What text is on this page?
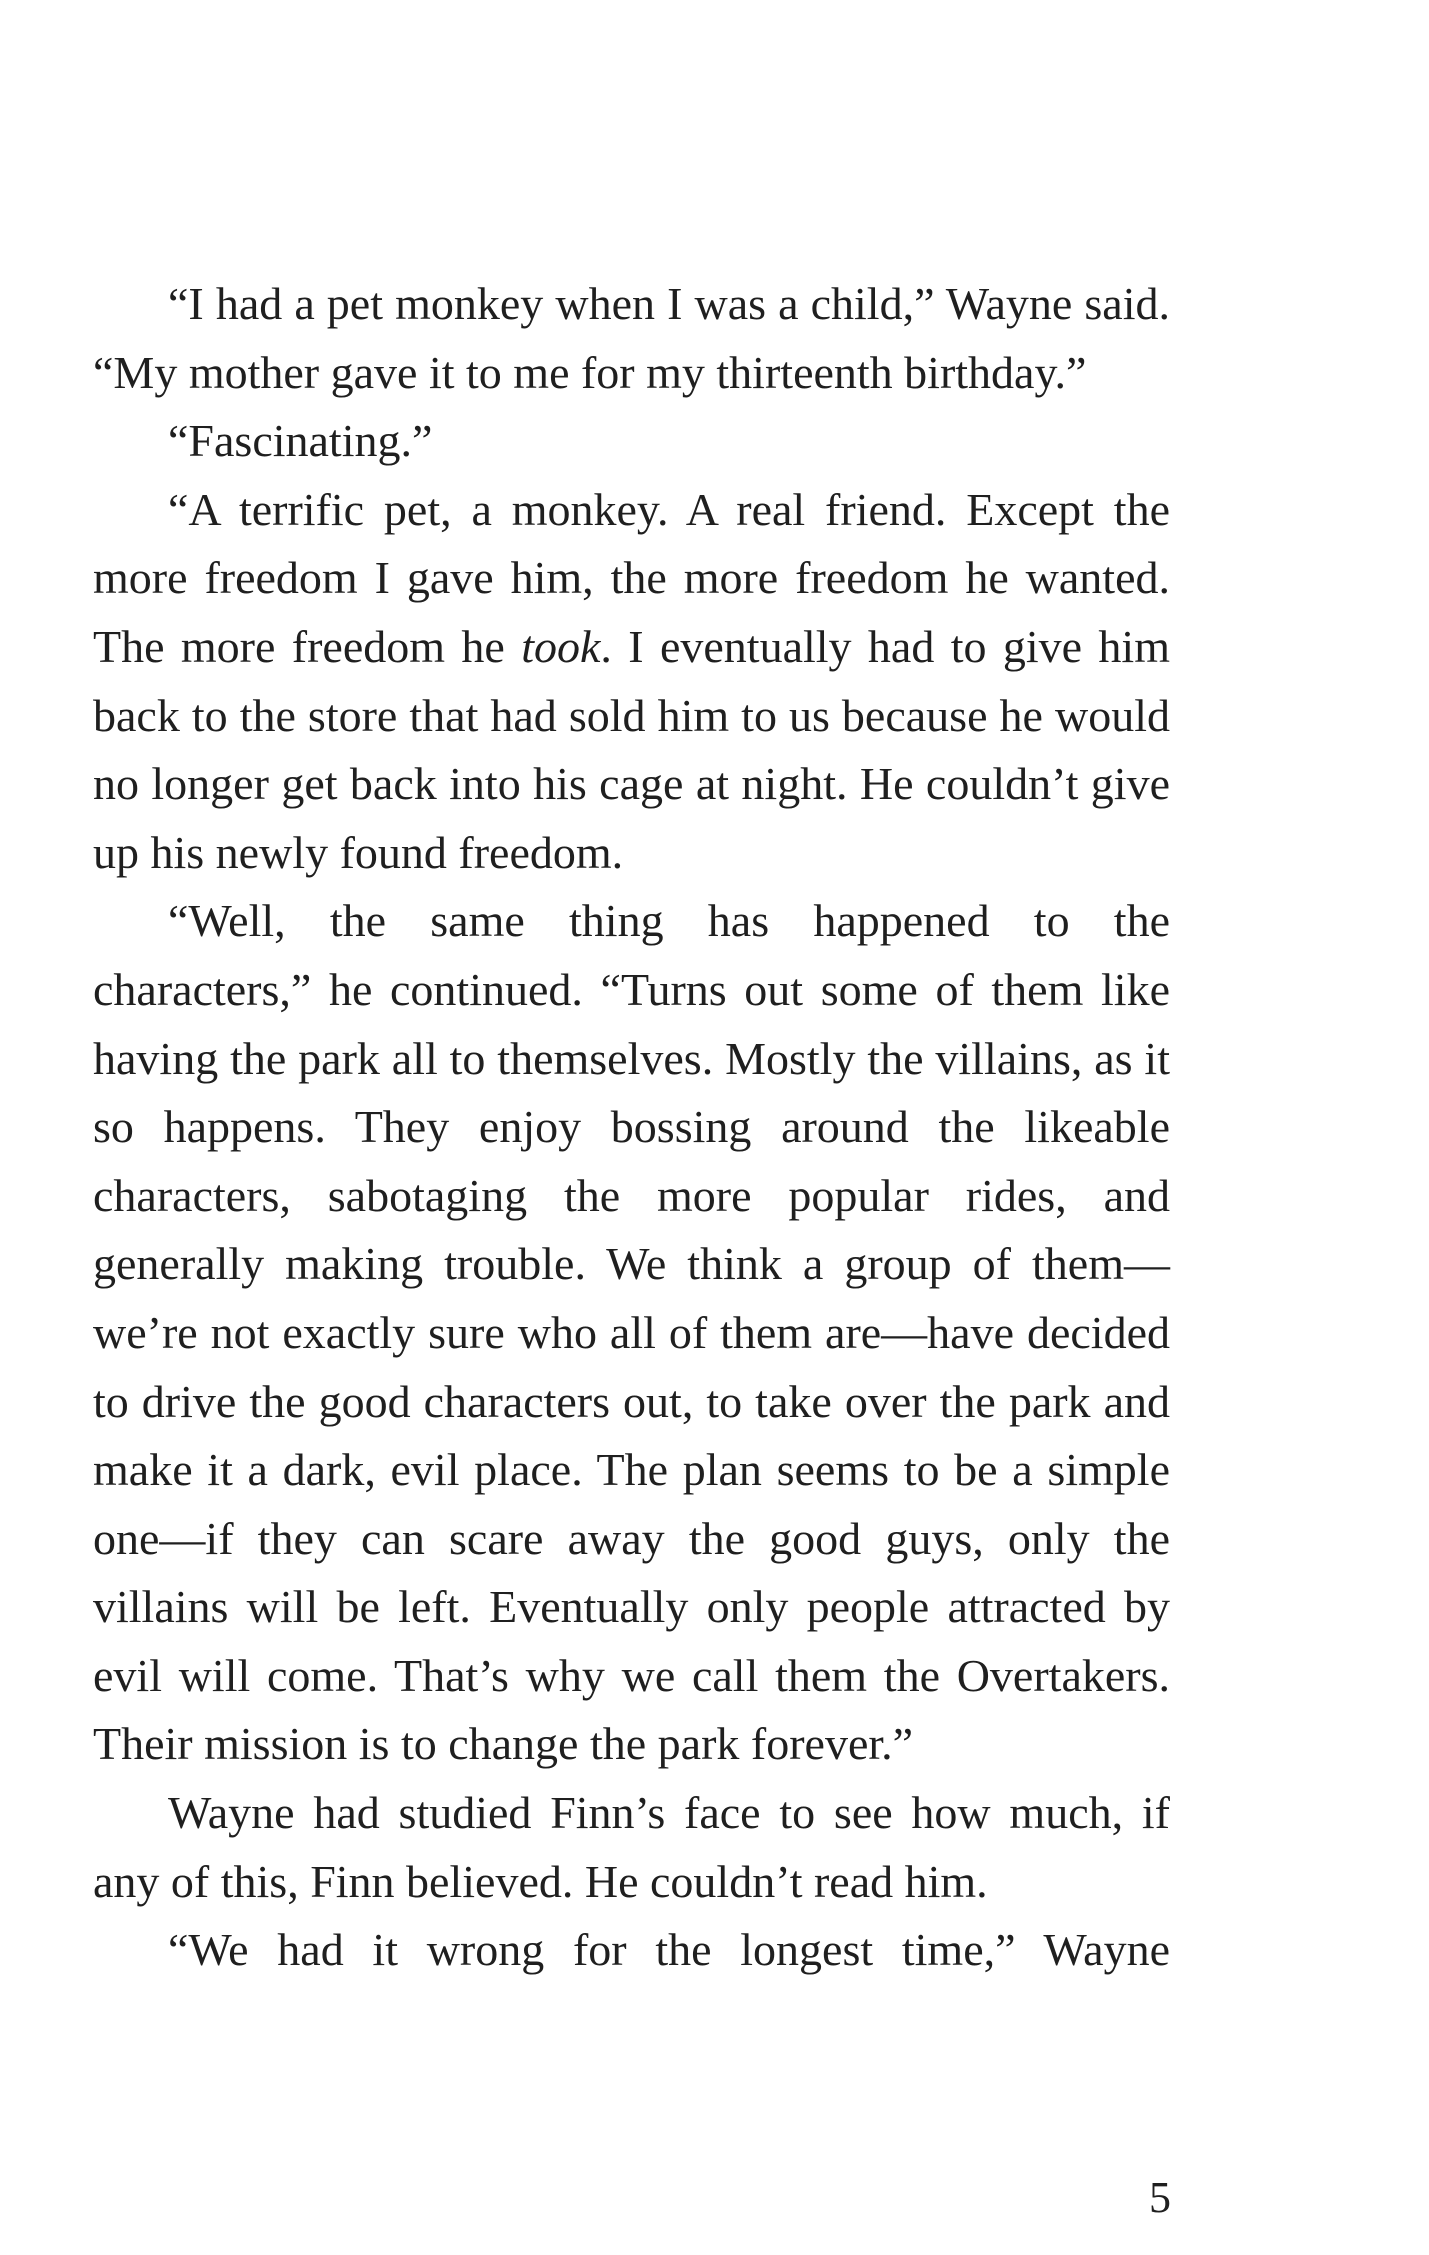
“I had a pet monkey when I was a child,” Wayne said. “My mother gave it to me for my thirteenth birthday.”

“Fascinating.”

“A terrific pet, a monkey. A real friend. Except the more freedom I gave him, the more freedom he wanted. The more freedom he took. I eventually had to give him back to the store that had sold him to us because he would no longer get back into his cage at night. He couldn’t give up his newly found freedom.

“Well, the same thing has happened to the characters,” he continued. “Turns out some of them like having the park all to themselves. Mostly the villains, as it so happens. They enjoy bossing around the likeable characters, sabotaging the more popular rides, and generally making trouble. We think a group of them—we’re not exactly sure who all of them are—have decided to drive the good characters out, to take over the park and make it a dark, evil place. The plan seems to be a simple one—if they can scare away the good guys, only the villains will be left. Eventually only people attracted by evil will come. That’s why we call them the Overtakers. Their mission is to change the park forever.”

Wayne had studied Finn’s face to see how much, if any of this, Finn believed. He couldn’t read him.

“We had it wrong for the longest time,” Wayne

5
